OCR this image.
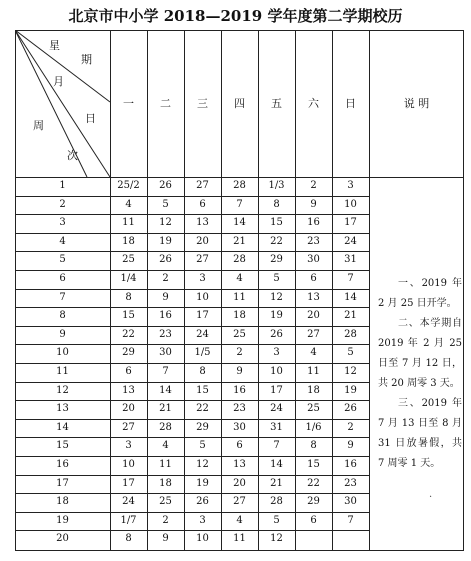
北京市中小学 2018—2019 学年度第二学期校历
星
期
月
日
周
次
一	二	三	四	五	六	日	说 明
1	25/2	26	27	28	1/3	2	3
2	4	5	6	7	8	9	10
3	11	12	13	14	15	16	17
4	18	19	20	21	22	23	24
5	25	26	27	28	29	30	31
6	1/4	2	3	4	5	6	7
7	8	9	10	11	12	13	14
8	15	16	17	18	19	20	21
9	22	23	24	25	26	27	28
10	29	30	1/5	2	3	4	5
11	6	7	8	9	10	11	12
12	13	14	15	16	17	18	19
13	20	21	22	23	24	25	26
14	27	28	29	30	31	1/6	2
15	3	4	5	6	7	8	9
16	10	11	12	13	14	15	16
17	17	18	19	20	21	22	23
18	24	25	26	27	28	29	30
19	1/7	2	3	4	5	6	7
20	8	9	10	11	12

一、2019 年 2 月 25 日开学。

二、本学期自 2019 年 2 月 25 日至 7 月 12 日，共 20 周零 3 天。

三、2019 年 7 月 13 日至 8 月 31 日放暑假，共 7 周零 1 天。

·
